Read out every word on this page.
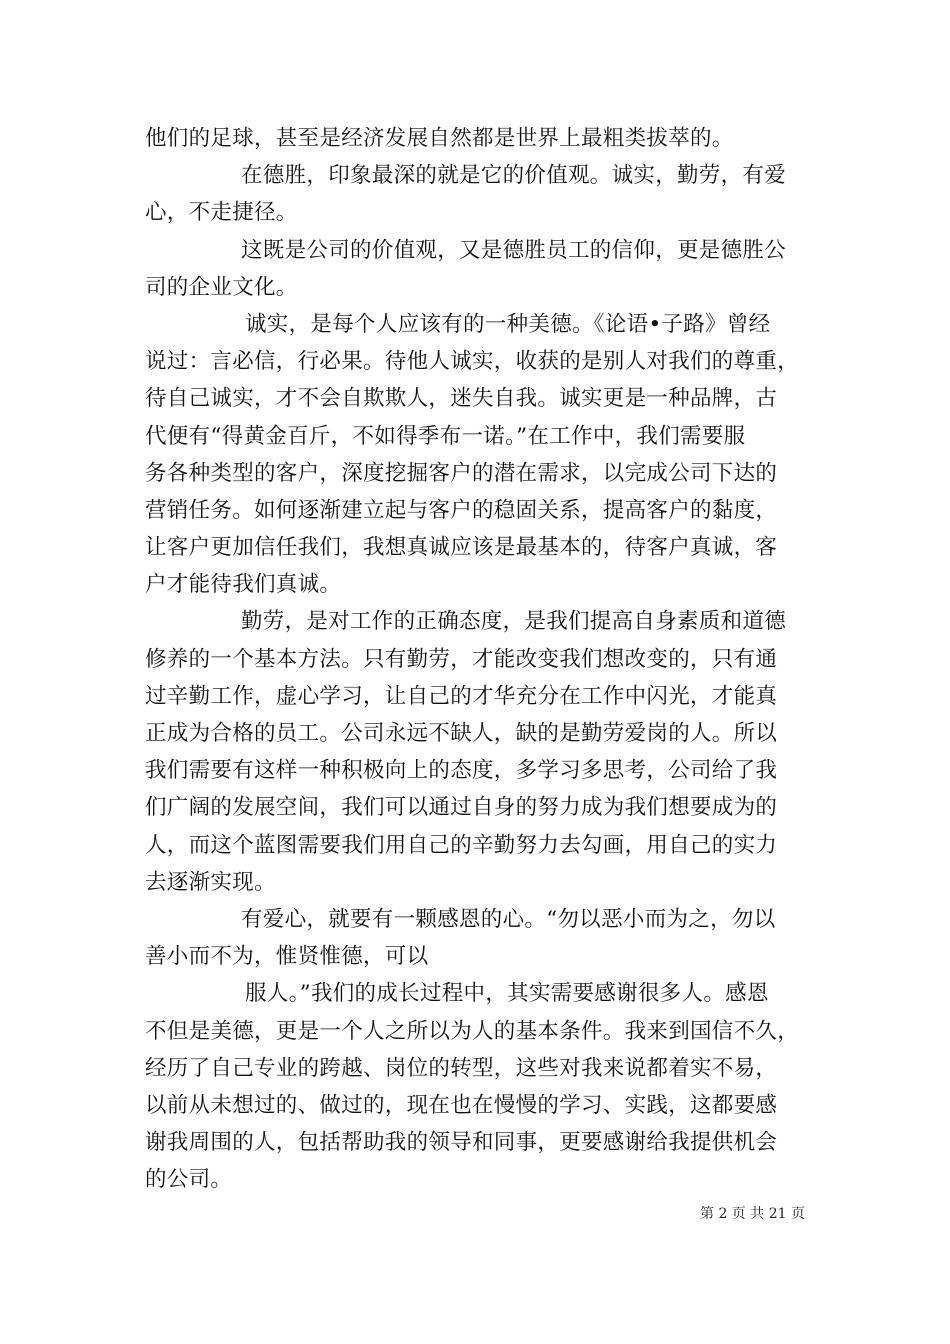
他们的足球，甚至是经济发展自然都是世界上最粗类拔萃的。
在德胜，印象最深的就是它的价值观。诚实，勤劳，有爱
心，不走捷径。
这既是公司的价值观，又是德胜员工的信仰，更是德胜公
司的企业文化。
诚实，是每个人应该有的一种美德。《论语•子路》曾经
说过：言必信，行必果。待他人诚实，收获的是别人对我们的尊重，
待自己诚实，才不会自欺欺人，迷失自我。诚实更是一种品牌，古
代便有“得黄金百斤，不如得季布一诺。”在工作中，我们需要服
务各种类型的客户，深度挖掘客户的潜在需求，以完成公司下达的
营销任务。如何逐渐建立起与客户的稳固关系，提高客户的黏度，
让客户更加信任我们，我想真诚应该是最基本的，待客户真诚，客
户才能待我们真诚。
勤劳，是对工作的正确态度，是我们提高自身素质和道德
修养的一个基本方法。只有勤劳，才能改变我们想改变的，只有通
过辛勤工作，虚心学习，让自己的才华充分在工作中闪光，才能真
正成为合格的员工。公司永远不缺人，缺的是勤劳爱岗的人。所以
我们需要有这样一种积极向上的态度，多学习多思考，公司给了我
们广阔的发展空间，我们可以通过自身的努力成为我们想要成为的
人，而这个蓝图需要我们用自己的辛勤努力去勾画，用自己的实力
去逐渐实现。
有爱心，就要有一颗感恩的心。“勿以恶小而为之，勿以
善小而不为，惟贤惟德，可以
服人。”我们的成长过程中，其实需要感谢很多人。感恩
不但是美德，更是一个人之所以为人的基本条件。我来到国信不久，
经历了自己专业的跨越、岗位的转型，这些对我来说都着实不易，
以前从未想过的、做过的，现在也在慢慢的学习、实践，这都要感
谢我周围的人，包括帮助我的领导和同事，更要感谢给我提供机会
的公司。
第 2 页 共 21 页
